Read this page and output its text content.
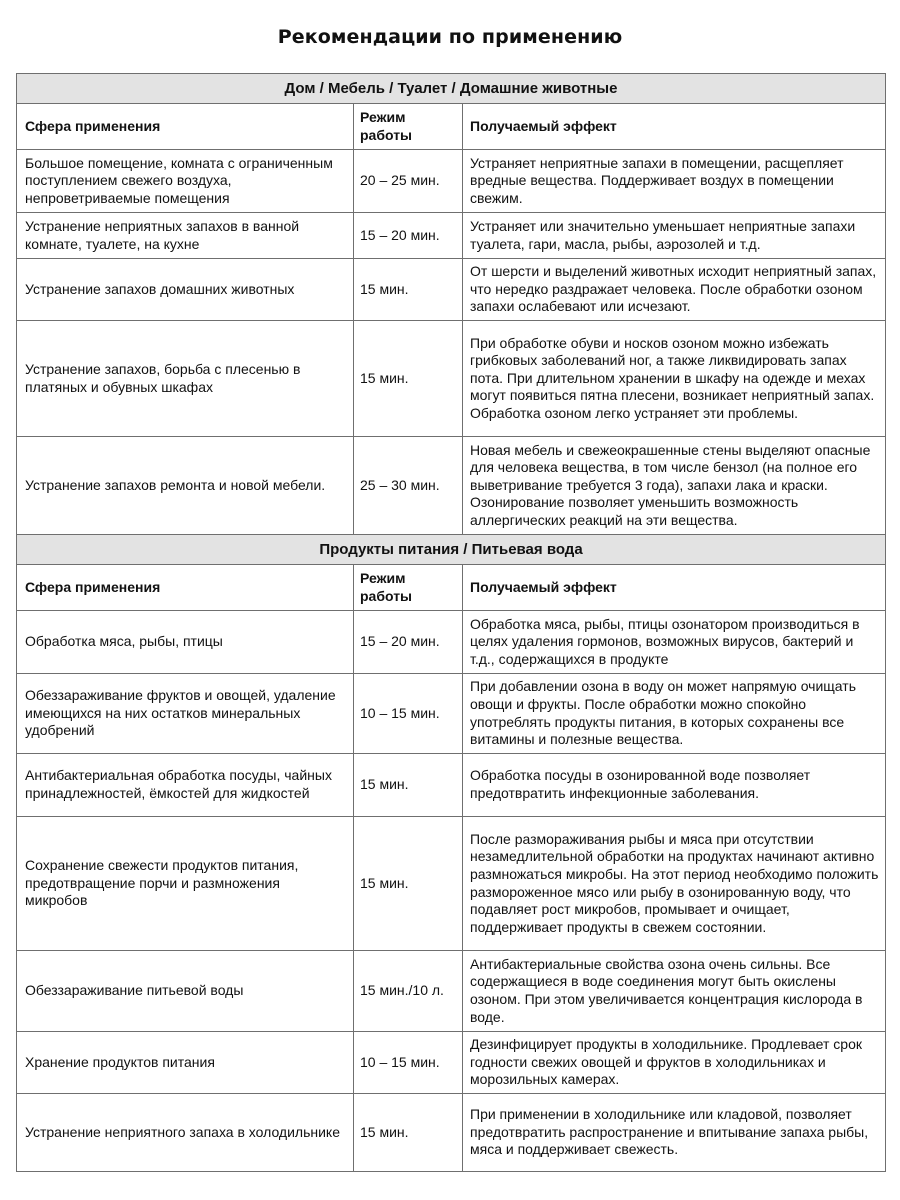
Рекомендации по применению
Дом / Мебель / Туалет / Домашние животные		
Сфера применения	Режим работы	Получаемый эффект
Большое помещение, комната с ограниченным поступлением свежего воздуха, непроветриваемые помещения	20 – 25 мин.	Устраняет неприятные запахи в помещении, расщепляет вредные вещества. Поддерживает воздух в помещении свежим.
Устранение неприятных запахов в ванной комнате, туалете, на кухне	15 – 20 мин.	Устраняет или значительно уменьшает неприятные запахи туалета, гари, масла, рыбы, аэрозолей и т.д.
Устранение запахов домашних животных	15 мин.	От шерсти и выделений животных исходит неприятный запах, что нередко раздражает человека. После обработки озоном запахи ослабевают или исчезают.
Устранение запахов, борьба с плесенью в платяных и обувных шкафах	15 мин.	При обработке обуви и носков озоном можно избежать грибковых заболеваний ног, а также ликвидировать запах пота. При длительном хранении в шкафу на одежде и мехах могут появиться пятна плесени, возникает неприятный запах. Обработка озоном легко устраняет эти проблемы.
Устранение запахов ремонта и новой мебели.	25 – 30 мин.	Новая мебель и свежеокрашенные стены выделяют опасные для человека вещества, в том числе бензол (на полное его выветривание требуется 3 года), запахи лака и краски. Озонирование позволяет уменьшить возможность аллергических реакций на эти вещества.
Продукты питания / Питьевая вода		
Сфера применения	Режим работы	Получаемый эффект
Обработка мяса, рыбы, птицы	15 – 20 мин.	Обработка мяса, рыбы, птицы озонатором производиться в целях удаления гормонов, возможных вирусов, бактерий и т.д., содержащихся в продукте
Обеззараживание фруктов и овощей, удаление имеющихся на них остатков минеральных удобрений	10 – 15 мин.	При добавлении озона в воду он может напрямую очищать овощи и фрукты. После обработки можно спокойно употреблять продукты питания, в которых сохранены все витамины и полезные вещества.
Антибактериальная обработка посуды, чайных принадлежностей, ёмкостей для жидкостей	15 мин.	Обработка посуды в озонированной воде позволяет предотвратить инфекционные заболевания.
Сохранение свежести продуктов питания, предотвращение порчи и размножения микробов	15 мин.	После размораживания рыбы и мяса при отсутствии незамедлительной обработки на продуктах начинают активно размножаться микробы. На этот период необходимо положить размороженное мясо или рыбу в озонированную воду, что подавляет рост микробов, промывает и очищает, поддерживает продукты в свежем состоянии.
Обеззараживание питьевой воды	15 мин./10 л.	Антибактериальные свойства озона очень сильны. Все содержащиеся в воде соединения могут быть окислены озоном. При этом увеличивается концентрация кислорода в воде.
Хранение продуктов питания	10 – 15 мин.	Дезинфицирует продукты в холодильнике. Продлевает срок годности свежих овощей и фруктов в холодильниках и морозильных камерах.
Устранение неприятного запаха в холодильнике	15 мин.	При применении в холодильнике или кладовой, позволяет предотвратить распространение и впитывание запаха рыбы, мяса и поддерживает свежесть.
